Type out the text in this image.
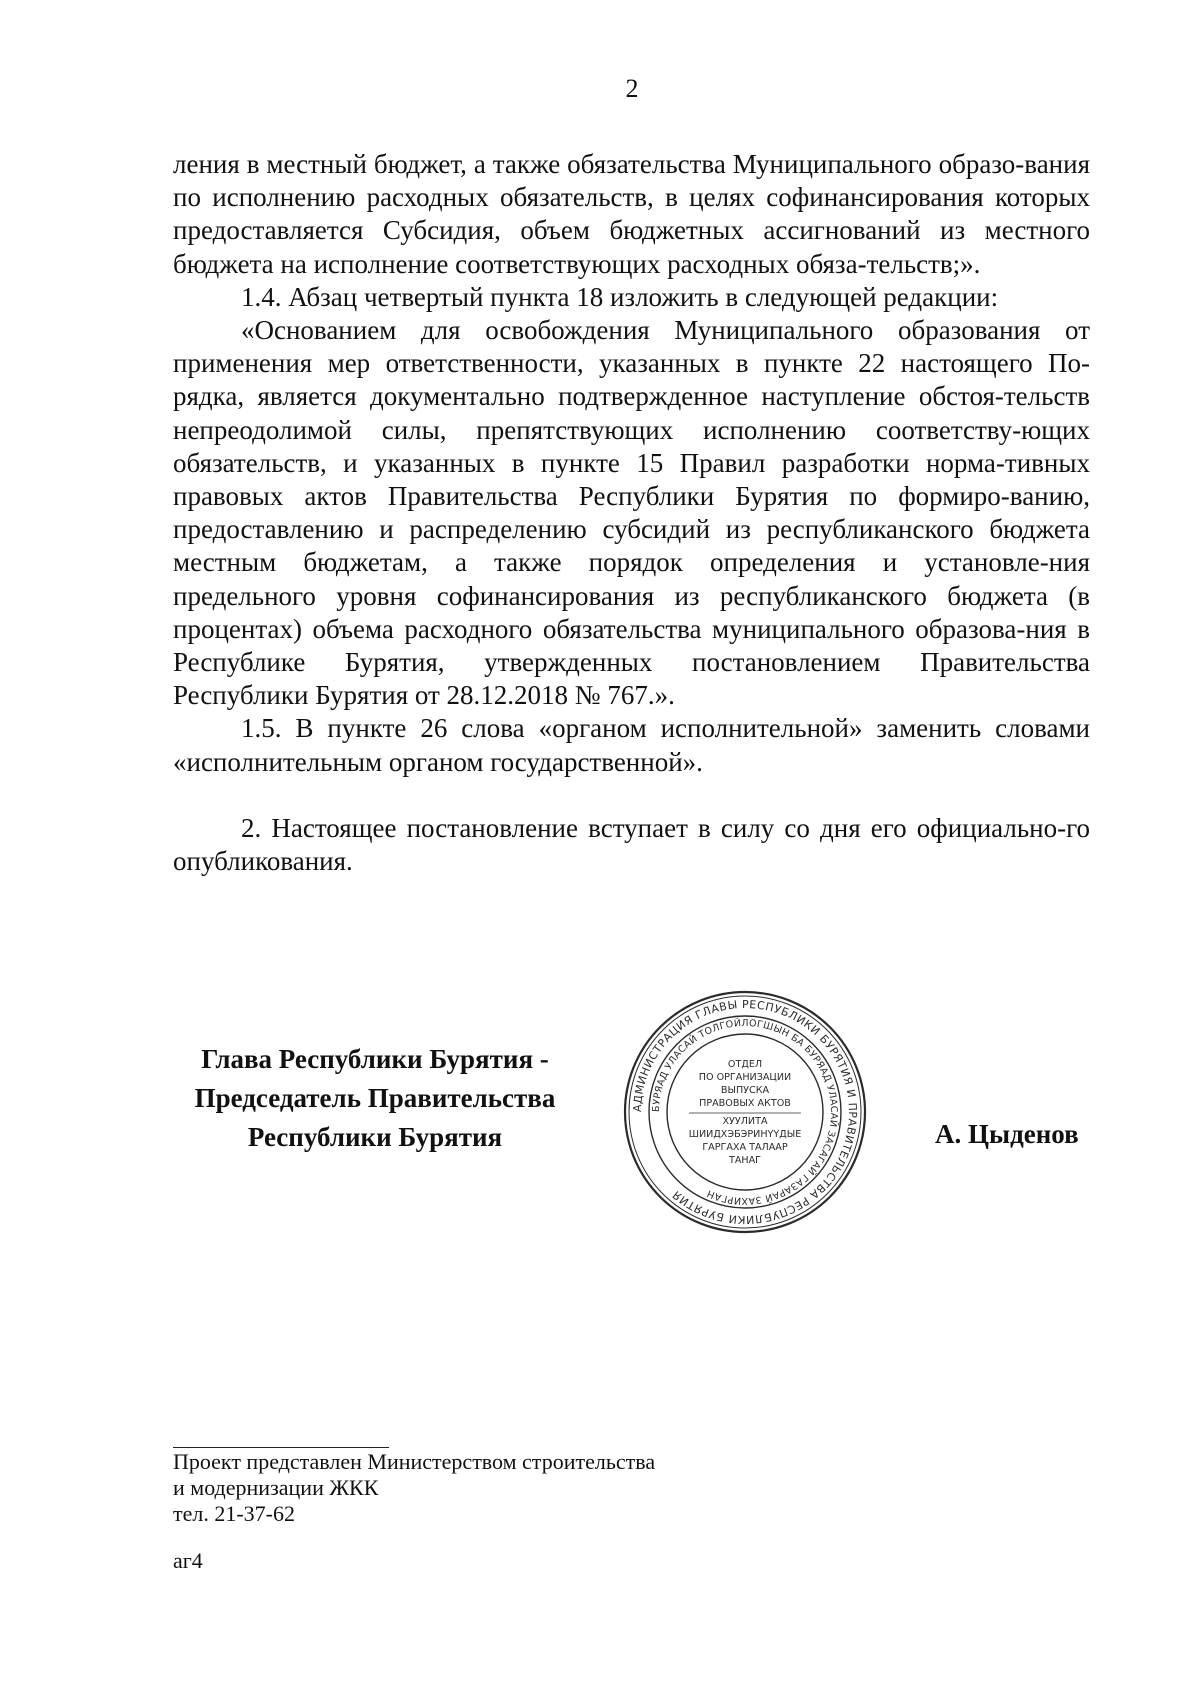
2

ления в местный бюджет, а также обязательства Муниципального образо-вания по исполнению расходных обязательств, в целях софинансирования которых предоставляется Субсидия, объем бюджетных ассигнований из местного бюджета на исполнение соответствующих расходных обяза-тельств;».

1.4. Абзац четвертый пункта 18 изложить в следующей редакции:

«Основанием для освобождения Муниципального образования от применения мер ответственности, указанных в пункте 22 настоящего По-рядка, является документально подтвержденное наступление обстоя-тельств непреодолимой силы, препятствующих исполнению соответству-ющих обязательств, и указанных в пункте 15 Правил разработки норма-тивных правовых актов Правительства Республики Бурятия по формиро-ванию, предоставлению и распределению субсидий из республиканского бюджета местным бюджетам, а также порядок определения и установле-ния предельного уровня софинансирования из республиканского бюджета (в процентах) объема расходного обязательства муниципального образова-ния в Республике Бурятия, утвержденных постановлением Правительства Республики Бурятия от 28.12.2018 № 767.».

1.5. В пункте 26 слова «органом исполнительной» заменить словами «исполнительным органом государственной».

2. Настоящее постановление вступает в силу со дня его официально-го опубликования.

Глава Республики Бурятия -
Председатель Правительства
Республики Бурятия
АДМИНИСТРАЦИЯ ГЛАВЫ РЕСПУБЛИКИ БУРЯТИЯ И ПРАВИТЕЛЬСТВА РЕСПУБЛИКИ БУРЯТИЯ
БУРЯАД УЛАСАЙ ТОЛГОЙЛОГШЫН БА БУРЯАД УЛАСАЙ ЗАСАГАЙ ГАЗАРАЙ ЗАХИРГАН
ОТДЕЛ
ПО ОРГАНИЗАЦИИ
ВЫПУСКА
ПРАВОВЫХ АКТОВ
ХУУЛИТА
ШИИДХЭБЭРИНҮҮДЫЕ
ГАРГАХА ТАЛААР
ТАНАГ
А. Цыденов
Проект представлен Министерством строительства
и модернизации ЖКК
тел. 21-37-62
аг4
